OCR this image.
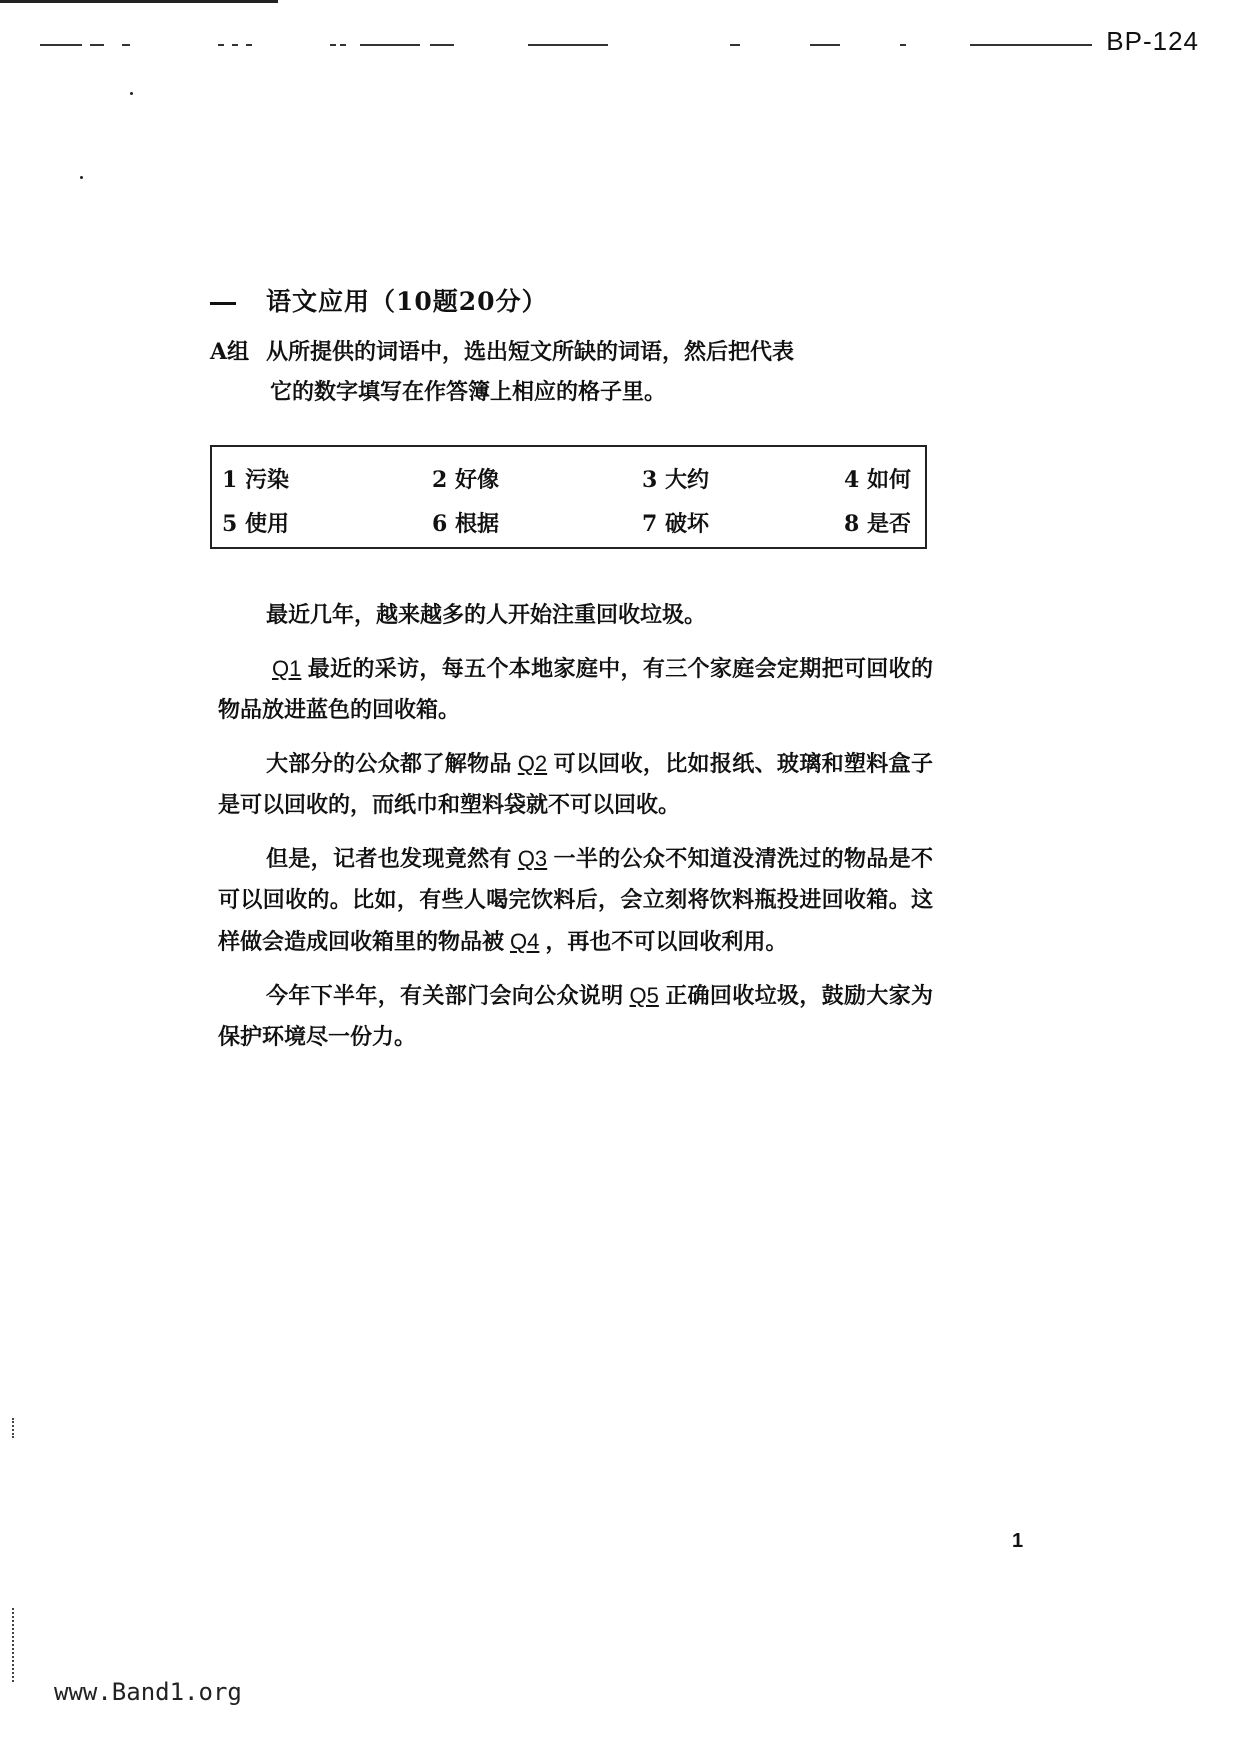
BP-124
语文应用（10题20分）
A组 从所提供的词语中，选出短文所缺的词语，然后把代表
它的数字填写在作答簿上相应的格子里。
1 污染	2 好像	3 大约	4 如何
5 使用	6 根据	7 破坏	8 是否

最近几年，越来越多的人开始注重回收垃圾。

Q1 最近的采访，每五个本地家庭中，有三个家庭会定期把可回收的物品放进蓝色的回收箱。

大部分的公众都了解物品 Q2 可以回收，比如报纸、玻璃和塑料盒子是可以回收的，而纸巾和塑料袋就不可以回收。

但是，记者也发现竟然有 Q3 一半的公众不知道没清洗过的物品是不可以回收的。比如，有些人喝完饮料后，会立刻将饮料瓶投进回收箱。这样做会造成回收箱里的物品被 Q4 ，再也不可以回收利用。

今年下半年，有关部门会向公众说明 Q5 正确回收垃圾，鼓励大家为保护环境尽一份力。

1
www.Band1.org
